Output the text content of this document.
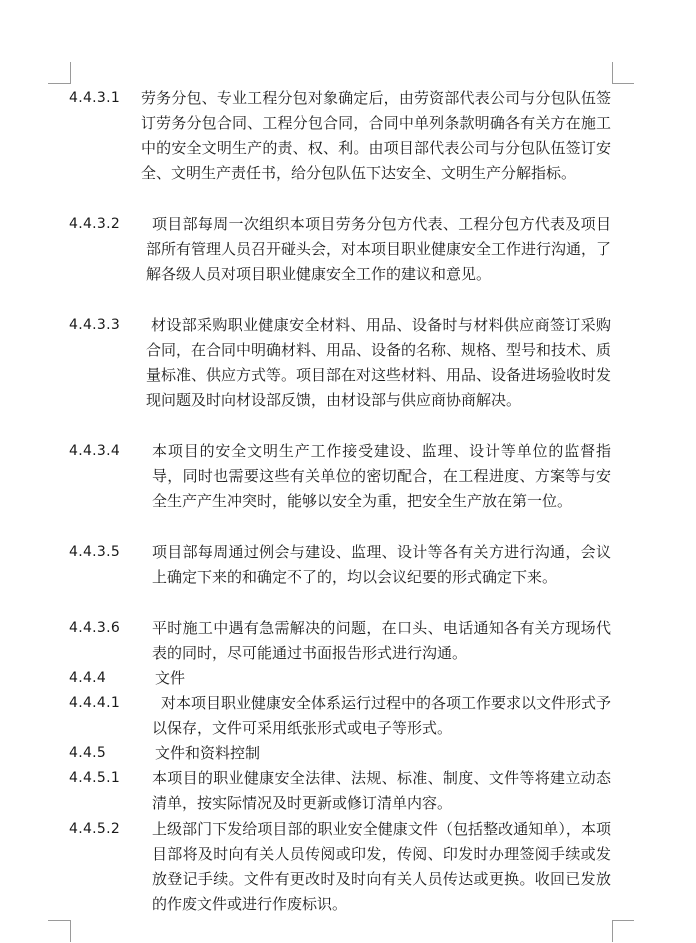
4.4.3.1 劳务分包、专业工程分包对象确定后，由劳资部代表公司与分包队伍签订劳务分包合同、工程分包合同，合同中单列条款明确各有关方在施工中的安全文明生产的责、权、利。由项目部代表公司与分包队伍签订安全、文明生产责任书，给分包队伍下达安全、文明生产分解指标。
4.4.3.2	项目部每周一次组织本项目劳务分包方代表、工程分包方代表及项目部所有管理人员召开碰头会，对本项目职业健康安全工作进行沟通，了解各级人员对项目职业健康安全工作的建议和意见。
4.4.3.3	材设部采购职业健康安全材料、用品、设备时与材料供应商签订采购合同，在合同中明确材料、用品、设备的名称、规格、型号和技术、质量标准、供应方式等。项目部在对这些材料、用品、设备进场验收时发现问题及时向材设部反馈，由材设部与供应商协商解决。
4.4.3.4 本项目的安全文明生产工作接受建设、监理、设计等单位的监督指导，同时也需要这些有关单位的密切配合，在工程进度、方案等与安全生产产生冲突时，能够以安全为重，把安全生产放在第一位。
4.4.3.5 项目部每周通过例会与建设、监理、设计等各有关方进行沟通，会议上确定下来的和确定不了的，均以会议纪要的形式确定下来。
4.4.3.6 平时施工中遇有急需解决的问题，在口头、电话通知各有关方现场代表的同时，尽可能通过书面报告形式进行沟通。
4.4.4	文件
4.4.4.1	对本项目职业健康安全体系运行过程中的各项工作要求以文件形式予以保存，文件可采用纸张形式或电子等形式。
4.4.5	文件和资料控制
4.4.5.1 本项目的职业健康安全法律、法规、标准、制度、文件等将建立动态清单，按实际情况及时更新或修订清单内容。
4.4.5.2 上级部门下发给项目部的职业安全健康文件（包括整改通知单），本项目部将及时向有关人员传阅或印发，传阅、印发时办理签阅手续或发放登记手续。文件有更改时及时向有关人员传达或更换。收回已发放的作废文件或进行作废标识。
